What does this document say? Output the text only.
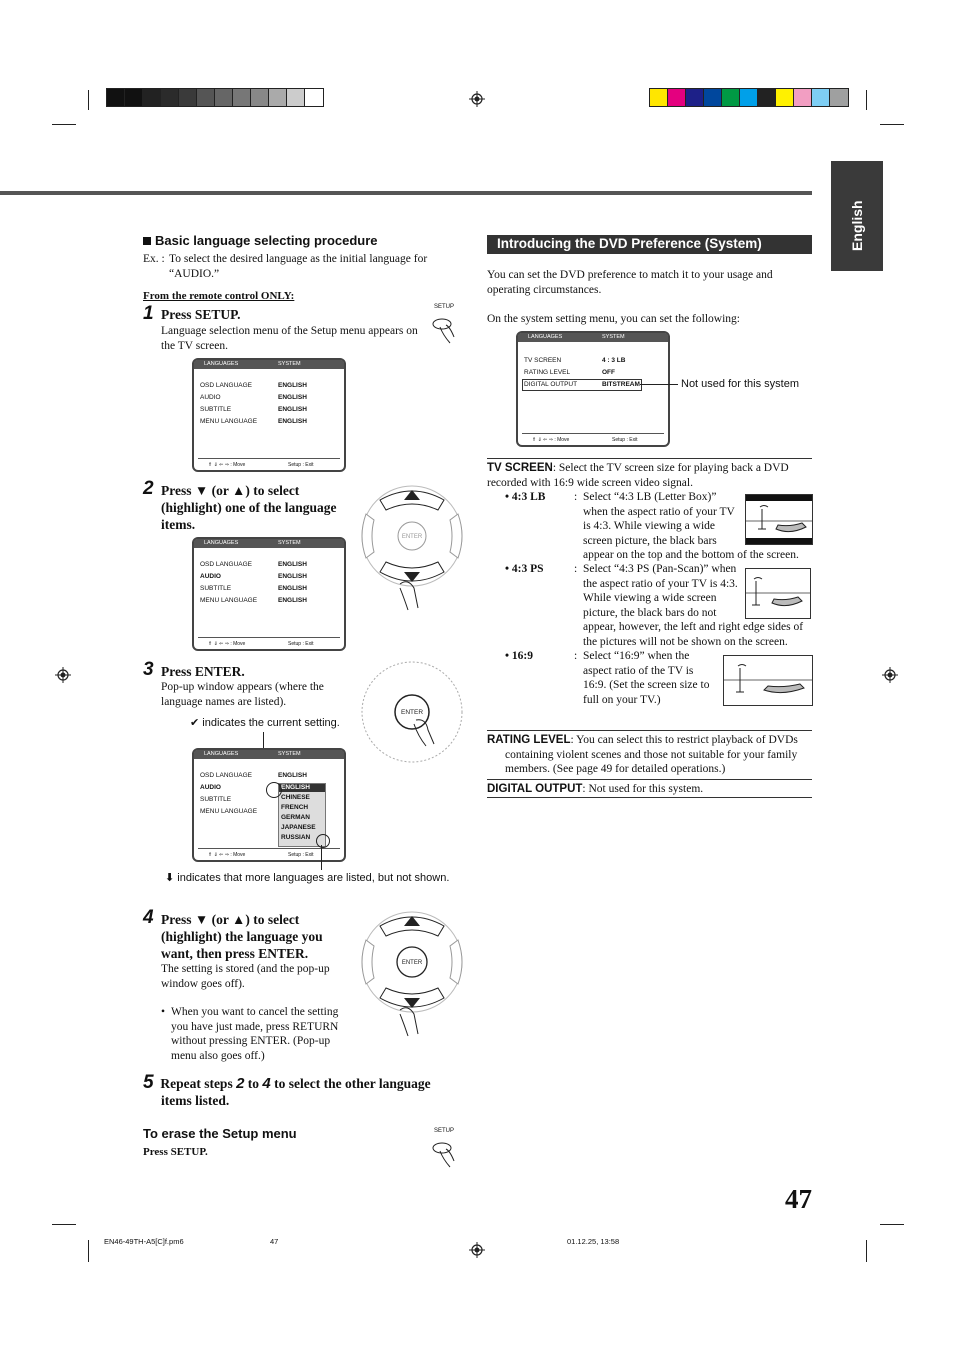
English
Basic language selecting procedure
Ex. : To select the desired language as the initial language for “AUDIO.”
From the remote control ONLY:
1 Press SETUP.
Language selection menu of the Setup menu appears on the TV screen.
SETUP
LANGUAGES	SYSTEM
OSD LANGUAGE	ENGLISH
AUDIO	ENGLISH
SUBTITLE	ENGLISH
MENU LANGUAGE	ENGLISH
⇑ ⇓ ⇐ ⇒ : Move	Setup : Exit
2 Press ▼ (or ▲) to select
(highlight) one of the language
items.
ENTER
LANGUAGES	SYSTEM
OSD LANGUAGE	ENGLISH
AUDIO	ENGLISH
SUBTITLE	ENGLISH
MENU LANGUAGE	ENGLISH
⇑ ⇓ ⇐ ⇒ : Move	Setup : Exit
3 Press ENTER.
Pop-up window appears (where the language names are listed).
✔ indicates the current setting.
ENTER
LANGUAGES	SYSTEM
OSD LANGUAGE	ENGLISH
AUDIO
SUBTITLE
MENU LANGUAGE
ENGLISH
CHINESE
FRENCH
GERMAN
JAPANESE
RUSSIAN
⇑ ⇓ ⇐ ⇒ : Move	Setup : Exit
⬇ indicates that more languages are listed, but not shown.
4 Press ▼ (or ▲) to select
(highlight) the language you
want, then press ENTER.
The setting is stored (and the pop-up window goes off).
• When you want to cancel the setting you have just made, press RETURN without pressing ENTER. (Pop-up menu also goes off.)
ENTER
5 Repeat steps 2 to 4 to select the other language
items listed.
To erase the Setup menu
Press SETUP.
SETUP
Introducing the DVD Preference (System)
You can set the DVD preference to match it to your usage and operating circumstances.
On the system setting menu, you can set the following:
LANGUAGES	SYSTEM
TV SCREEN	4 : 3 LB
RATING LEVEL	OFF
DIGITAL OUTPUT	BITSTREAM
⇑ ⇓ ⇐ ⇒ : Move	Setup : Exit
Not used for this system
TV SCREEN: Select the TV screen size for playing back a DVD recorded with 16:9 wide screen video signal.
• 4:3 LB : Select “4:3 LB (Letter Box)”
when the aspect ratio of your TV
is 4:3. While viewing a wide
screen picture, the black bars
appear on the top and the bottom of the screen.
• 4:3 PS	: Select “4:3 PS (Pan-Scan)” when
the aspect ratio of your TV is 4:3.
While viewing a wide screen
picture, the black bars do not
appear, however, the left and right edge sides of
the pictures will not be shown on the screen.
• 16:9	: Select “16:9” when the
aspect ratio of the TV is
16:9. (Set the screen size to
full on your TV.)
RATING LEVEL: You can select this to restrict playback of DVDs
containing violent scenes and those not suitable for your family
members. (See page 49 for detailed operations.)
DIGITAL OUTPUT: Not used for this system.
47
EN46-49TH-A5[C]f.pm6	47	01.12.25, 13:58
